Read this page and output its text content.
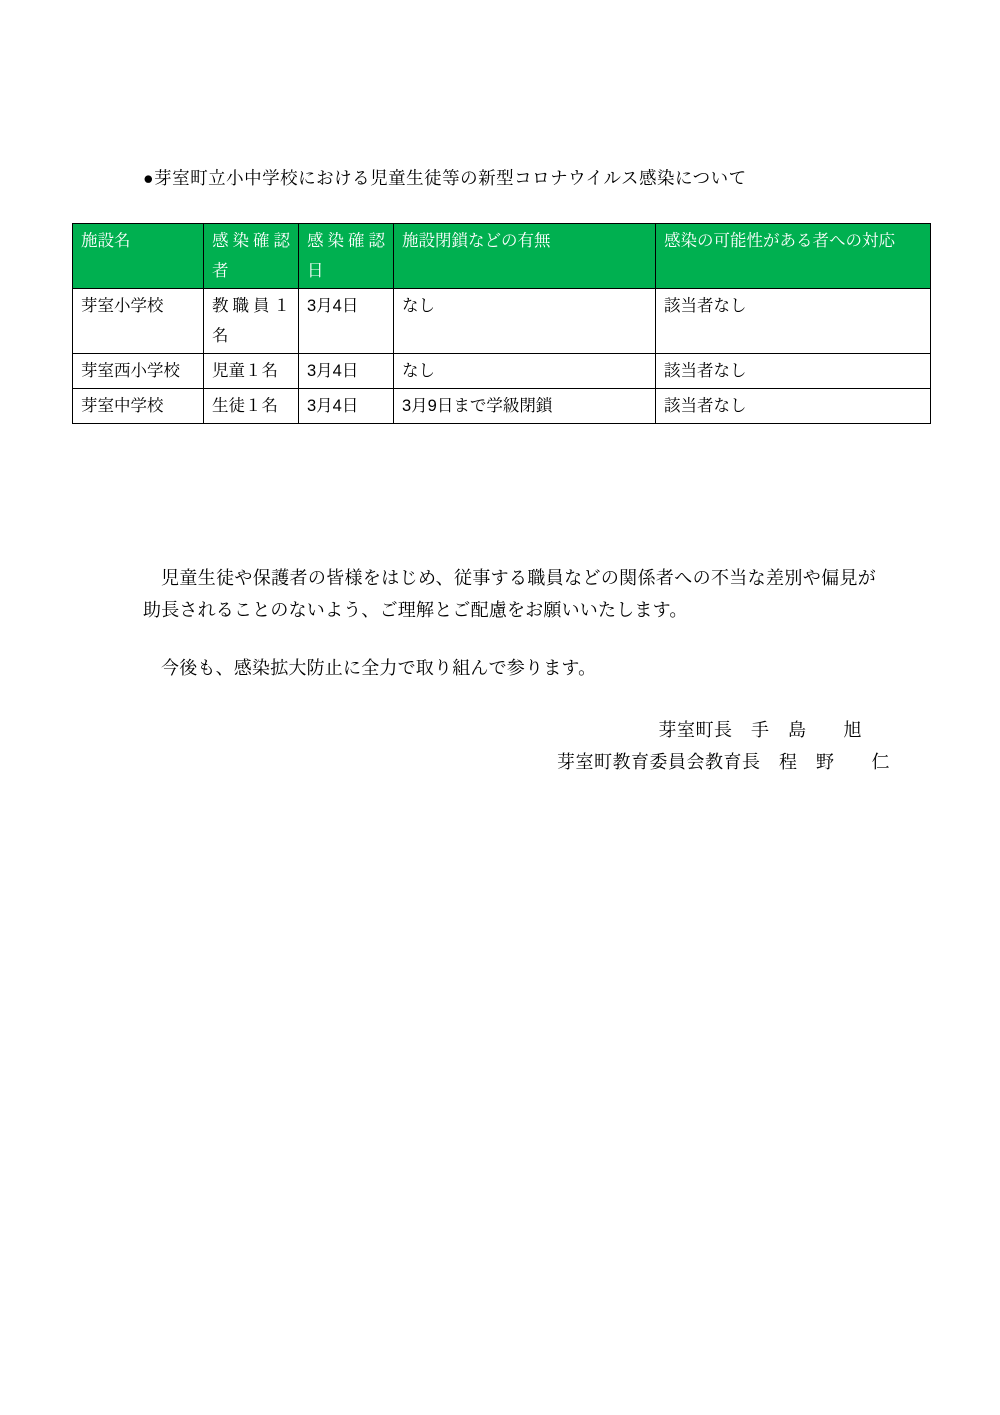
●芽室町立小中学校における児童生徒等の新型コロナウイルス感染について
施設名	感染確認者	感染確認日	施設閉鎖などの有無	感染の可能性がある者への対応
芽室小学校	教職員１名	3月4日	なし	該当者なし
芽室西小学校	児童１名	3月4日	なし	該当者なし
芽室中学校	生徒１名	3月4日	3月9日まで学級閉鎖	該当者なし

児童生徒や保護者の皆様をはじめ、従事する職員などの関係者への不当な差別や偏見が助長されることのないよう、ご理解とご配慮をお願いいたします。

今後も、感染拡大防止に全力で取り組んで参ります。

芽室町長　手　島　　旭
芽室町教育委員会教育長　程　野　　仁
